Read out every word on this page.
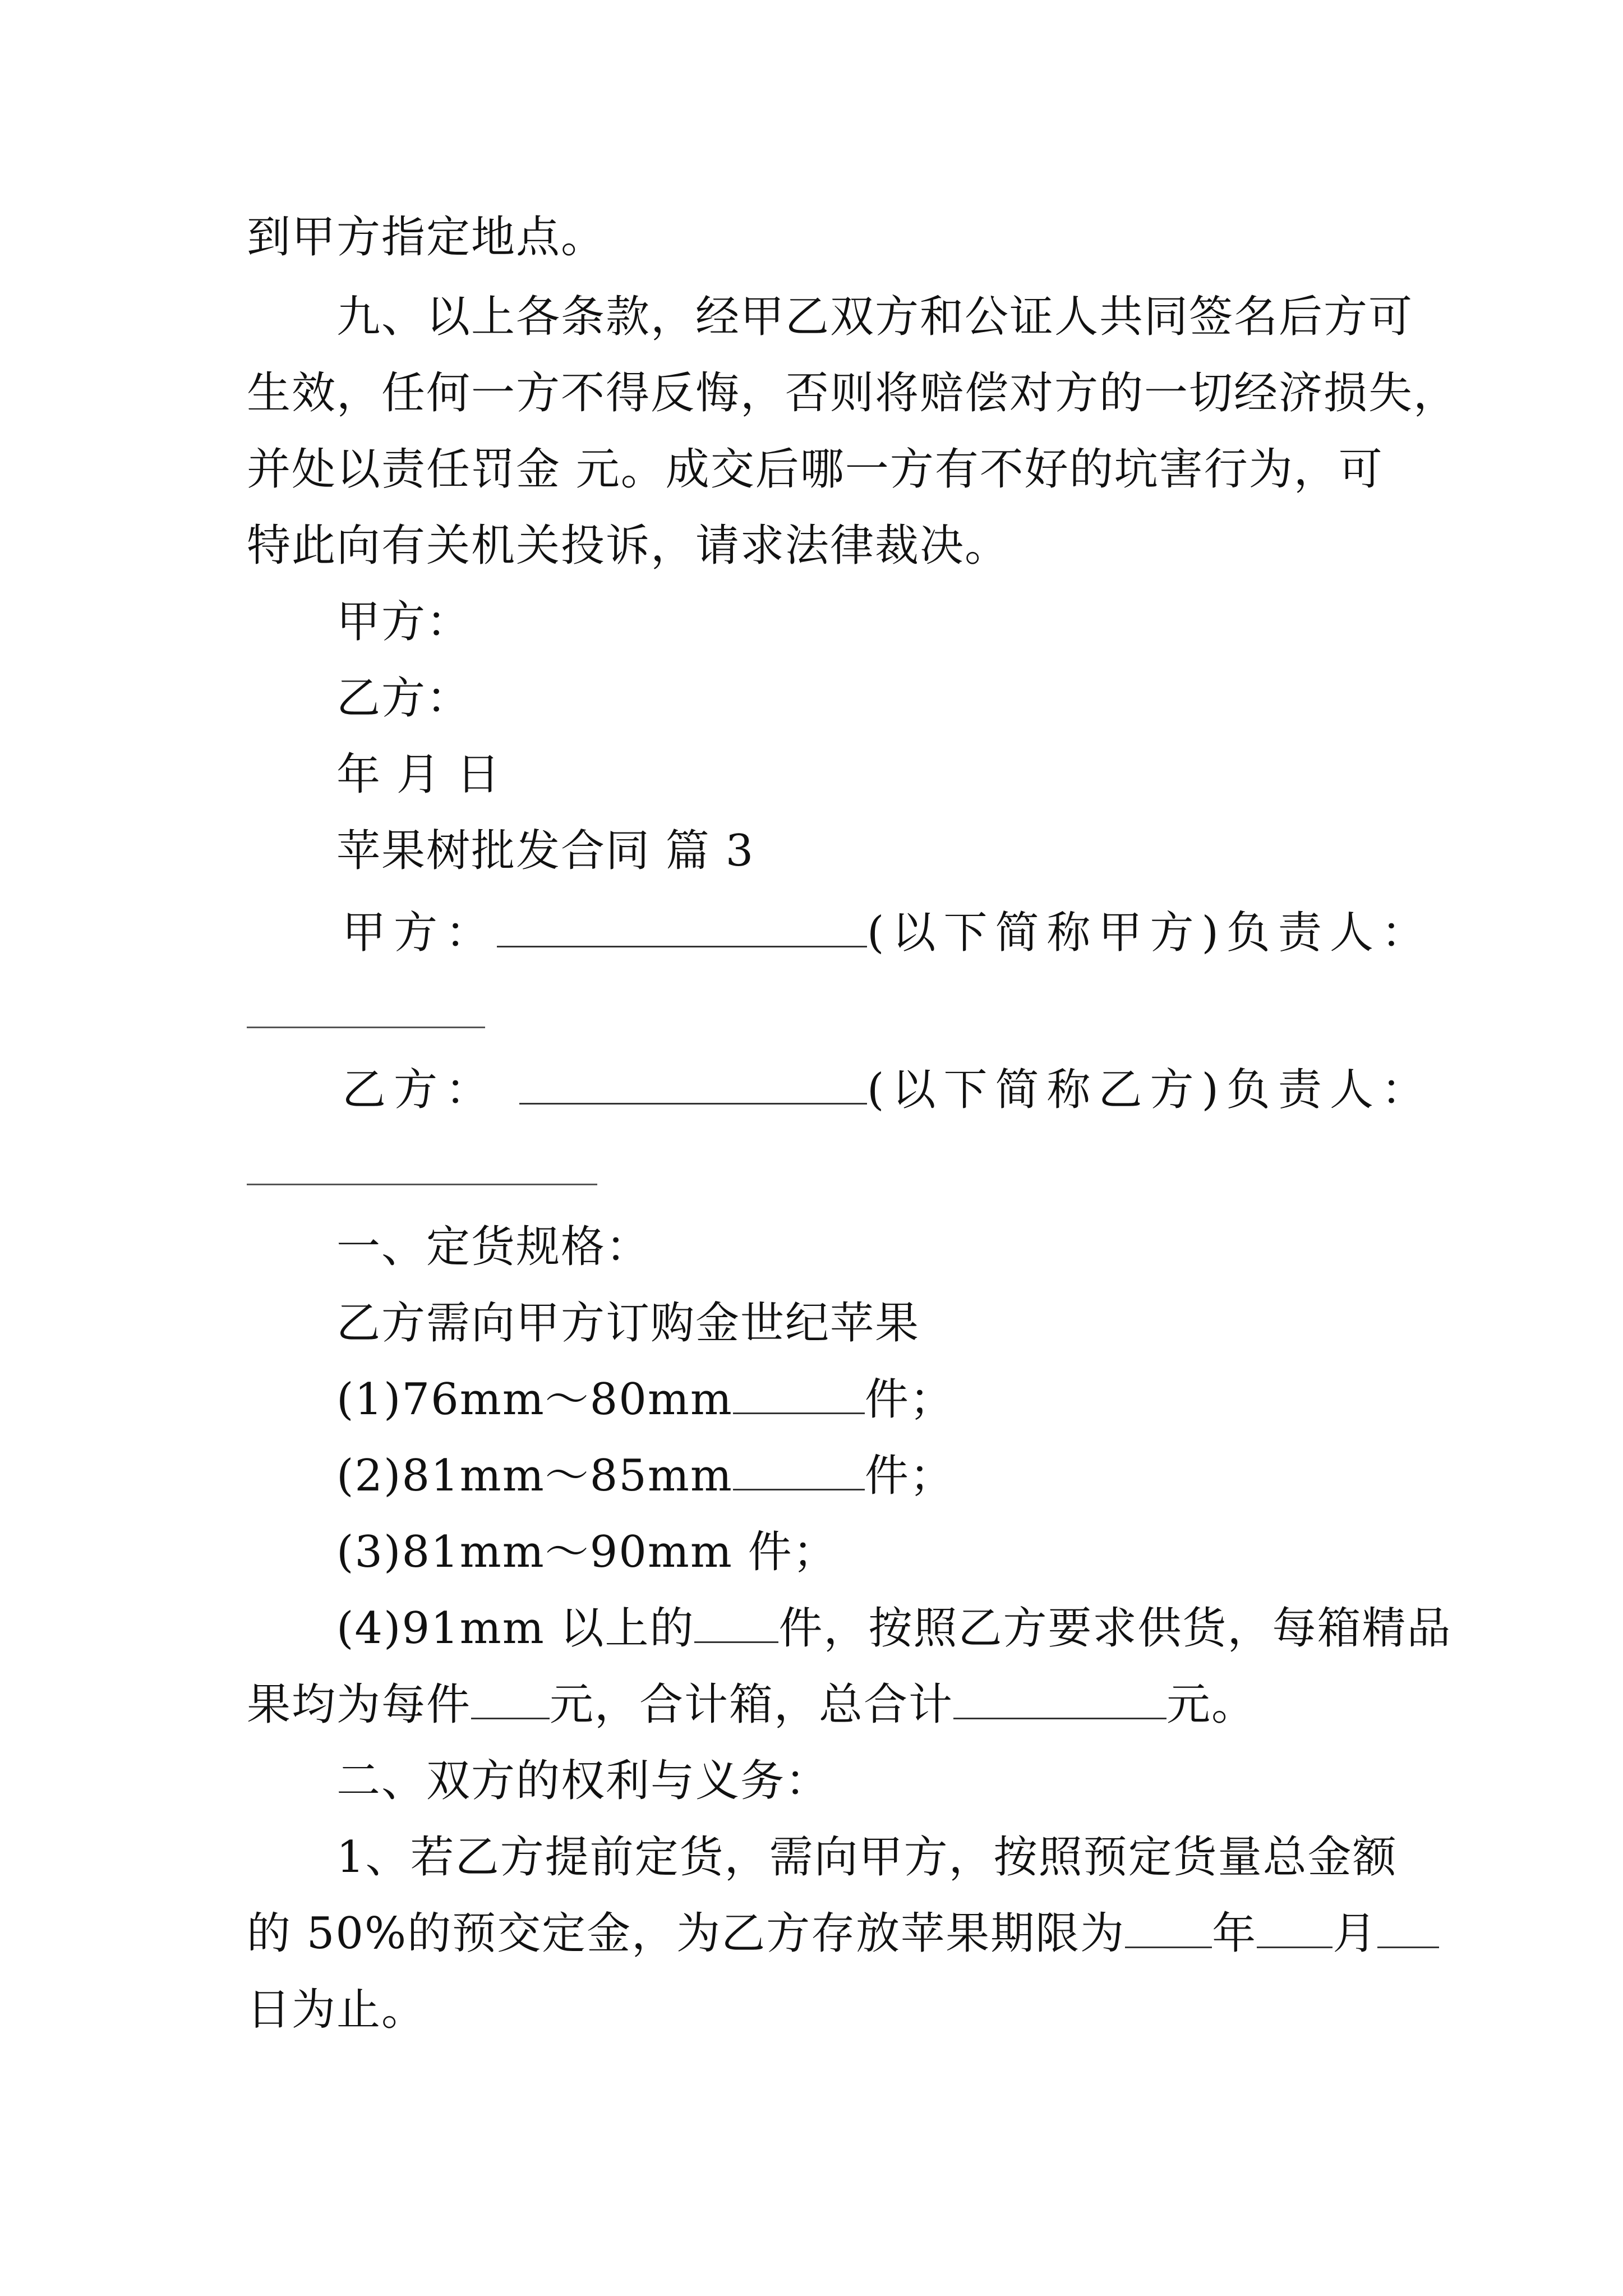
到甲方指定地点。
九、以上各条款，经甲乙双方和公证人共同签名后方可
生效，任何一方不得反悔，否则将赔偿对方的一切经济损失，
并处以责任罚金 元。成交后哪一方有不好的坑害行为，可
特此向有关机关投诉，请求法律裁决。
甲方：
乙方：
年 月 日
苹果树批发合同 篇 3
甲方：	(以下简称甲方)负责人：
乙方：	(以下简称乙方)负责人：
一、定货规格：
乙方需向甲方订购金世纪苹果
(1)76mm～80mm	件；
(2)81mm～85mm	件；
(3)81mm～90mm 件；
(4)91mm 以上的 件，按照乙方要求供货，每箱精品
果均为每件 元，合计箱，总合计	元。
二、双方的权利与义务：
1、若乙方提前定货，需向甲方，按照预定货量总金额
的 50%的预交定金，为乙方存放苹果期限为 年 月
日为止。
